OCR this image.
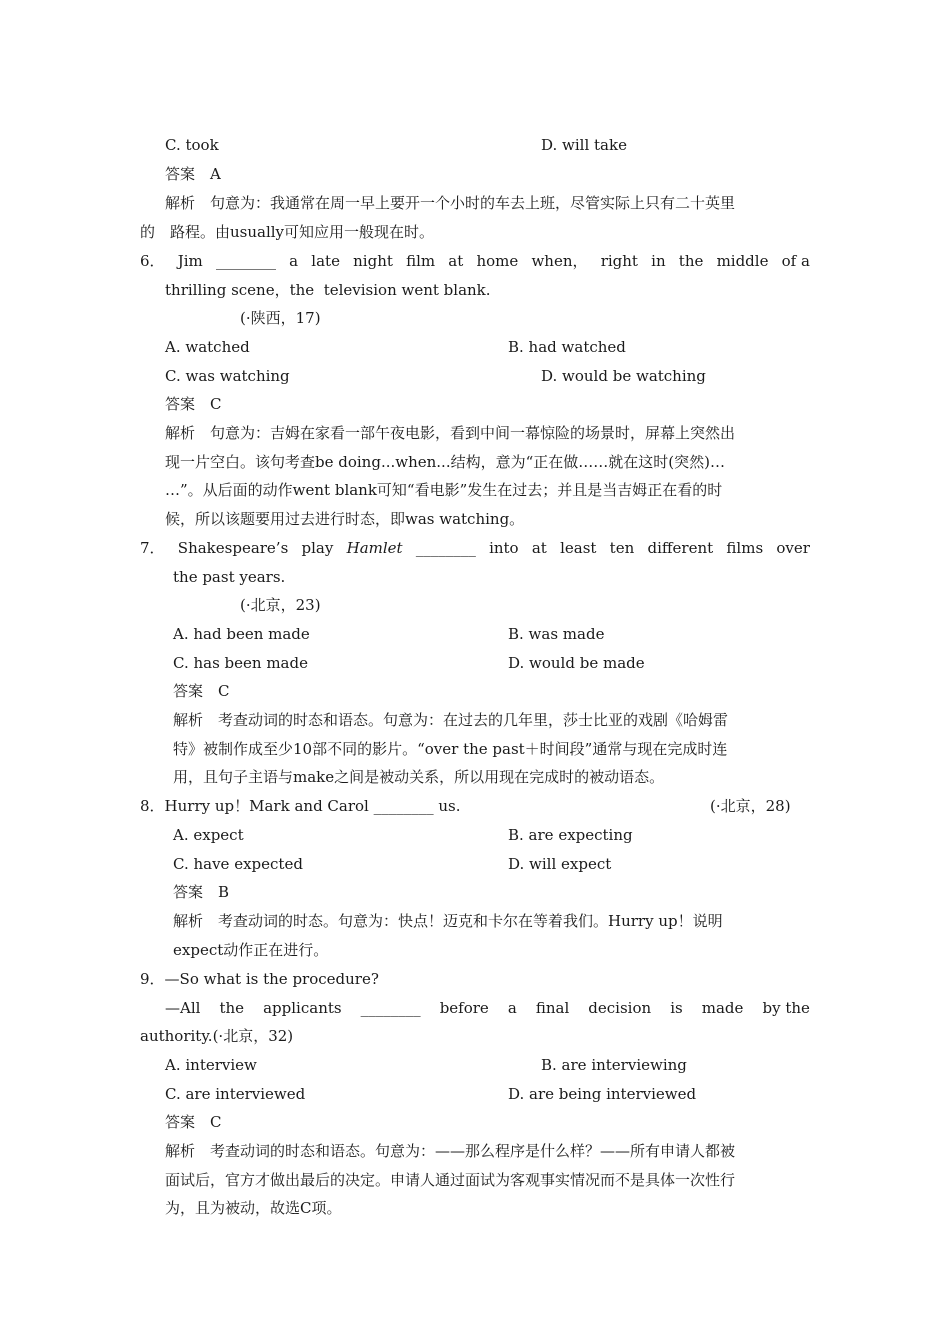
C. took	D. will take
答案　A
解析　句意为：我通常在周一早上要开一个小时的车去上班，尽管实际上只有二十英里
的　路程。由usually可知应用一般现在时。
6． Jim ________ a late night film at home when， right in the middle of a
thrilling scene，the  television went blank.
(·陕西，17)
A. watched	B. had watched
C. was watching	D. would be watching
答案　C
解析　句意为：吉姆在家看一部午夜电影，看到中间一幕惊险的场景时，屏幕上突然出
现一片空白。该句考查be doing...when...结构，意为“正在做……就在这时(突然)…
…”。从后面的动作went blank可知“看电影”发生在过去；并且是当吉姆正在看的时
候，所以该题要用过去进行时态，即was watching。
7． Shakespeare’s play Hamlet ________ into at least ten different films over
the past years.
(·北京，23)
A. had been made	B. was made
C. has been made	D. would be made
答案　C
解析　考查动词的时态和语态。句意为：在过去的几年里，莎士比亚的戏剧《哈姆雷
特》被制作成至少10部不同的影片。“over the past＋时间段”通常与现在完成时连
用，且句子主语与make之间是被动关系，所以用现在完成时的被动语态。
8．Hurry up！Mark and Carol ________ us.	(·北京，28)
A. expect	B. are expecting
C. have expected	D. will expect
答案　B
解析　考查动词的时态。句意为：快点！迈克和卡尔在等着我们。Hurry up！说明
expect动作正在进行。
9．—So what is the procedure?
—All the applicants ________ before a final decision is made by the
authority.(·北京，32)
A. interview	B. are interviewing
C. are interviewed	D. are being interviewed
答案　C
解析　考查动词的时态和语态。句意为：——那么程序是什么样？——所有申请人都被
面试后，官方才做出最后的决定。申请人通过面试为客观事实情况而不是具体一次性行
为，且为被动，故选C项。
